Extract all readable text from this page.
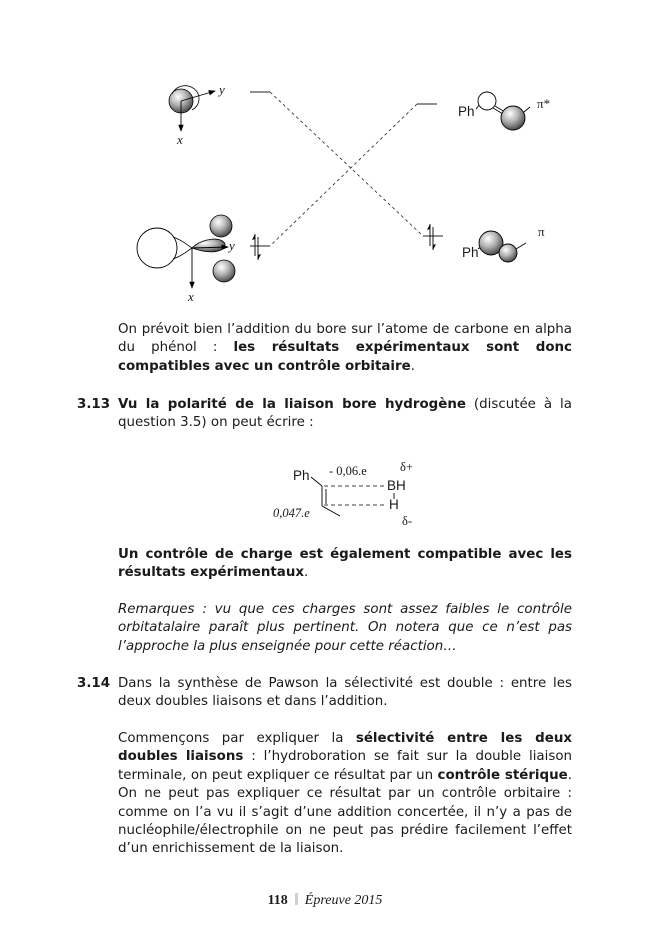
y
x
y
x
Ph
π*
Ph
π
On prévoit bien l’addition du bore sur l’atome de carbone en alpha du phénol : les résultats expérimentaux sont donc compatibles avec un contrôle orbitaire.
3.13 Vu la polarité de la liaison bore hydrogène (discutée à la question 3.5) on peut écrire :
Ph - 0,06.e
0,047.e
BH
H
δ+
δ-
Un contrôle de charge est également compatible avec les résultats expérimentaux.
Remarques : vu que ces charges sont assez faibles le contrôle orbitatalaire paraît plus pertinent. On notera que ce n’est pas l’approche la plus enseignée pour cette réaction…
3.14 Dans la synthèse de Pawson la sélectivité est double : entre les deux doubles liaisons et dans l’addition.
Commençons par expliquer la sélectivité entre les deux doubles liaisons : l’hydroboration se fait sur la double liaison terminale, on peut expliquer ce résultat par un contrôle stérique. On ne peut pas expliquer ce résultat par un contrôle orbitaire : comme on l’a vu il s’agit d’une addition concertée, il n’y a pas de nucléophile/électrophile on ne peut pas prédire facilement l’effet d’un enrichissement de la liaison.
118 Épreuve 2015
